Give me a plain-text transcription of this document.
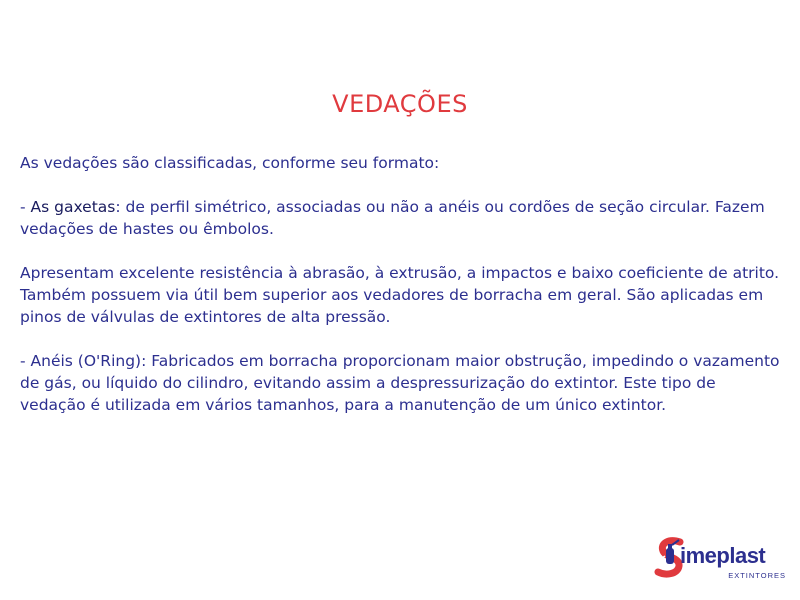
VEDAÇÕES

As vedações são classificadas, conforme seu formato:

- As gaxetas: de perfil simétrico, associadas ou não a anéis ou cordões de seção circular. Fazem vedações de hastes ou êmbolos.

Apresentam excelente resistência à abrasão, à extrusão, a impactos e baixo coeficiente de atrito. Também possuem via útil bem superior aos vedadores de borracha em geral. São aplicadas em pinos de válvulas de extintores de alta pressão.

- Anéis (O'Ring): Fabricados em borracha proporcionam maior obstrução, impedindo o vazamento de gás, ou líquido do cilindro, evitando assim a despressurização do extintor. Este tipo de vedação é utilizada em vários tamanhos, para a manutenção de um único extintor.

imeplast
EXTINTORES
